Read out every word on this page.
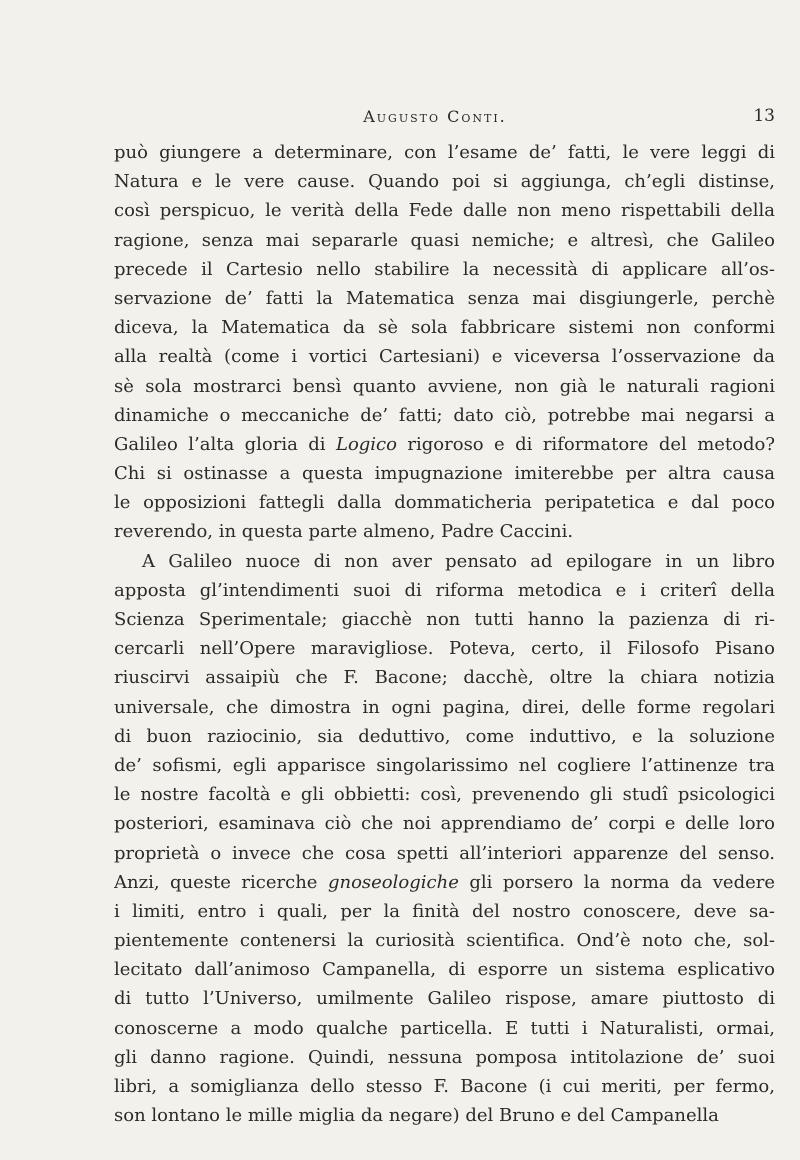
Augusto Conti.	13
può giungere a determinare, con l’esame de’ fatti, le vere leggi di
Natura e le vere cause. Quando poi si aggiunga, ch’egli distinse,
così perspicuo, le verità della Fede dalle non meno rispettabili della
ragione, senza mai separarle quasi nemiche; e altresì, che Galileo
precede il Cartesio nello stabilire la necessità di applicare all’os-
servazione de’ fatti la Matematica senza mai disgiungerle, perchè
diceva, la Matematica da sè sola fabbricare sistemi non conformi
alla realtà (come i vortici Cartesiani) e viceversa l’osservazione da
sè sola mostrarci bensì quanto avviene, non già le naturali ragioni
dinamiche o meccaniche de’ fatti; dato ciò, potrebbe mai negarsi a
Galileo l’alta gloria di Logico rigoroso e di riformatore del metodo?
Chi si ostinasse a questa impugnazione imiterebbe per altra causa
le opposizioni fattegli dalla dommaticheria peripatetica e dal poco
reverendo, in questa parte almeno, Padre Caccini.
A Galileo nuoce di non aver pensato ad epilogare in un libro
apposta gl’intendimenti suoi di riforma metodica e i criterî della
Scienza Sperimentale; giacchè non tutti hanno la pazienza di ri-
cercarli nell’Opere maravigliose. Poteva, certo, il Filosofo Pisano
riuscirvi assaipiù che F. Bacone; dacchè, oltre la chiara notizia
universale, che dimostra in ogni pagina, direi, delle forme regolari
di buon raziocinio, sia deduttivo, come induttivo, e la soluzione
de’ sofismi, egli apparisce singolarissimo nel cogliere l’attinenze tra
le nostre facoltà e gli obbietti: così, prevenendo gli studî psicologici
posteriori, esaminava ciò che noi apprendiamo de’ corpi e delle loro
proprietà o invece che cosa spetti all’interiori apparenze del senso.
Anzi, queste ricerche gnoseologiche gli porsero la norma da vedere
i limiti, entro i quali, per la finità del nostro conoscere, deve sa-
pientemente contenersi la curiosità scientifica. Ond’è noto che, sol-
lecitato dall’animoso Campanella, di esporre un sistema esplicativo
di tutto l’Universo, umilmente Galileo rispose, amare piuttosto di
conoscerne a modo qualche particella. E tutti i Naturalisti, ormai,
gli danno ragione. Quindi, nessuna pomposa intitolazione de’ suoi
libri, a somiglianza dello stesso F. Bacone (i cui meriti, per fermo,
son lontano le mille miglia da negare) del Bruno e del Campanella
